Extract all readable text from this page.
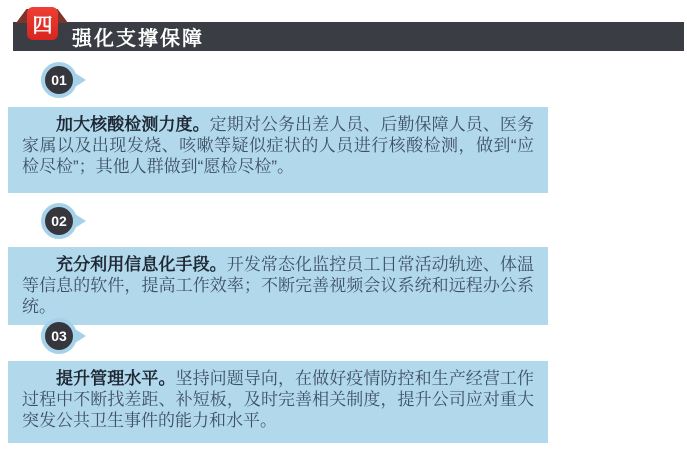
强化支撑保障
四
01

加大核酸检测力度。定期对公务出差人员、后勤保障人员、医务家属以及出现发烧、咳嗽等疑似症状的人员进行核酸检测，做到“应检尽检”；其他人群做到“愿检尽检”。

02

充分利用信息化手段。开发常态化监控员工日常活动轨迹、体温等信息的软件，提高工作效率；不断完善视频会议系统和远程办公系统。

03

提升管理水平。坚持问题导向，在做好疫情防控和生产经营工作过程中不断找差距、补短板，及时完善相关制度，提升公司应对重大突发公共卫生事件的能力和水平。
